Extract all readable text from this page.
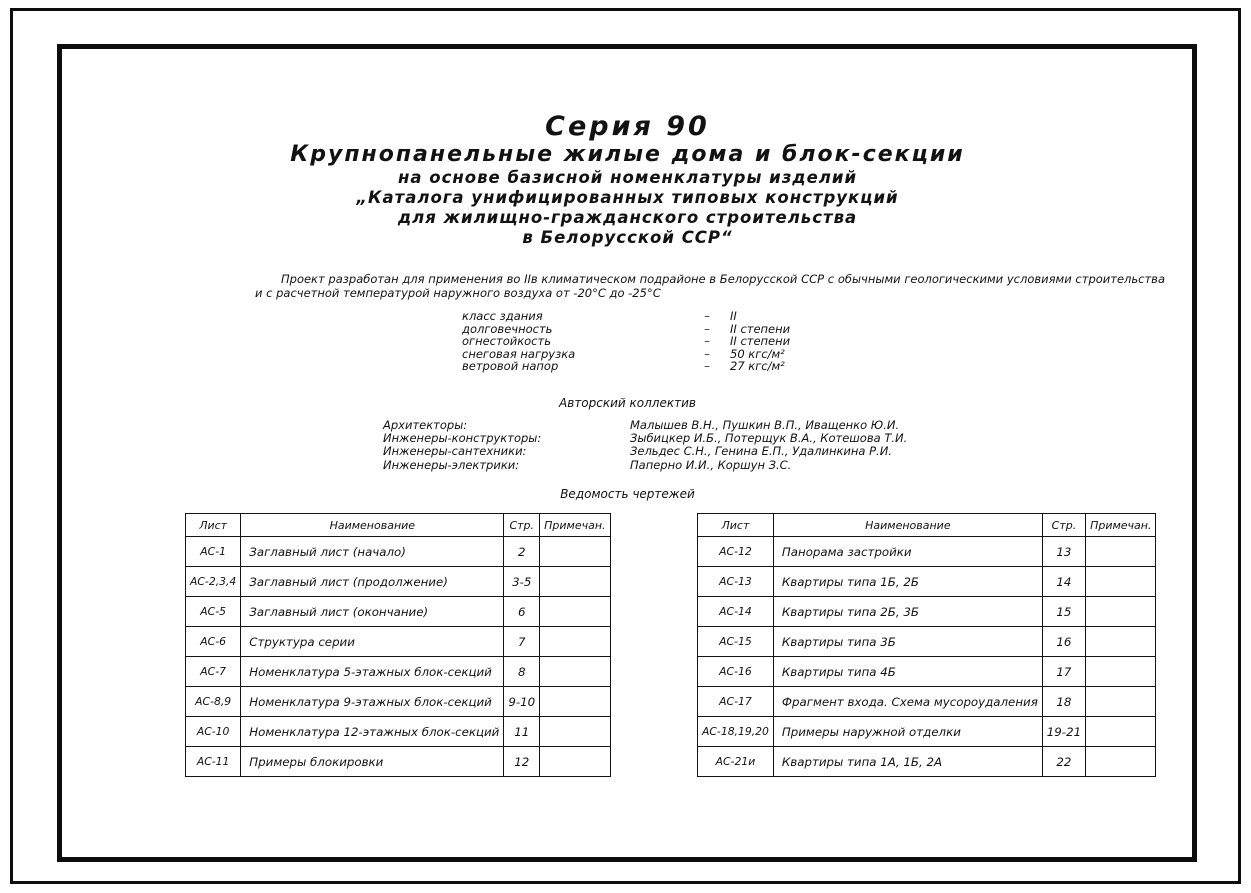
Серия 90
Крупнопанельные жилые дома и блок-секции
на основе базисной номенклатуры изделий
„Каталога унифицированных типовых конструкций
для жилищно-гражданского строительства
в Белорусской ССР“
Проект разработан для применения во IIв климатическом подрайоне в Белорусской ССР с обычными геологическими условиями строительства и с расчетной температурой наружного воздуха от -20°С до -25°С
класс здания	–	II
долговечность	–	II степени
огнестойкость	–	II степени
снеговая нагрузка	–	50 кгс/м²
ветровой напор	–	27 кгс/м²
Авторский коллектив
Архитекторы:	Малышев В.Н., Пушкин В.П., Иващенко Ю.И.
Инженеры-конструкторы:	Зыбицкер И.Б., Потерщук В.А., Котешова Т.И.
Инженеры-сантехники:	Зельдес С.Н., Генина Е.П., Удалинкина Р.И.
Инженеры-электрики:	Паперно И.И., Коршун З.С.
Ведомость чертежей
Лист	Наименование	Стр.	Примечан.
АС-1	Заглавный лист (начало)	2	
АС-2,3,4	Заглавный лист (продолжение)	3-5	
АС-5	Заглавный лист (окончание)	6	
АС-6	Структура серии	7	
АС-7	Номенклатура 5-этажных блок-секций	8	
АС-8,9	Номенклатура 9-этажных блок-секций	9-10	
АС-10	Номенклатура 12-этажных блок-секций	11	
АС-11	Примеры блокировки	12	
Лист	Наименование	Стр.	Примечан.
АС-12	Панорама застройки	13	
АС-13	Квартиры типа 1Б, 2Б	14	
АС-14	Квартиры типа 2Б, 3Б	15	
АС-15	Квартиры типа 3Б	16	
АС-16	Квартиры типа 4Б	17	
АС-17	Фрагмент входа. Схема мусороудаления	18	
АС-18,19,20	Примеры наружной отделки	19-21	
АС-21и	Квартиры типа 1А, 1Б, 2А	22	
